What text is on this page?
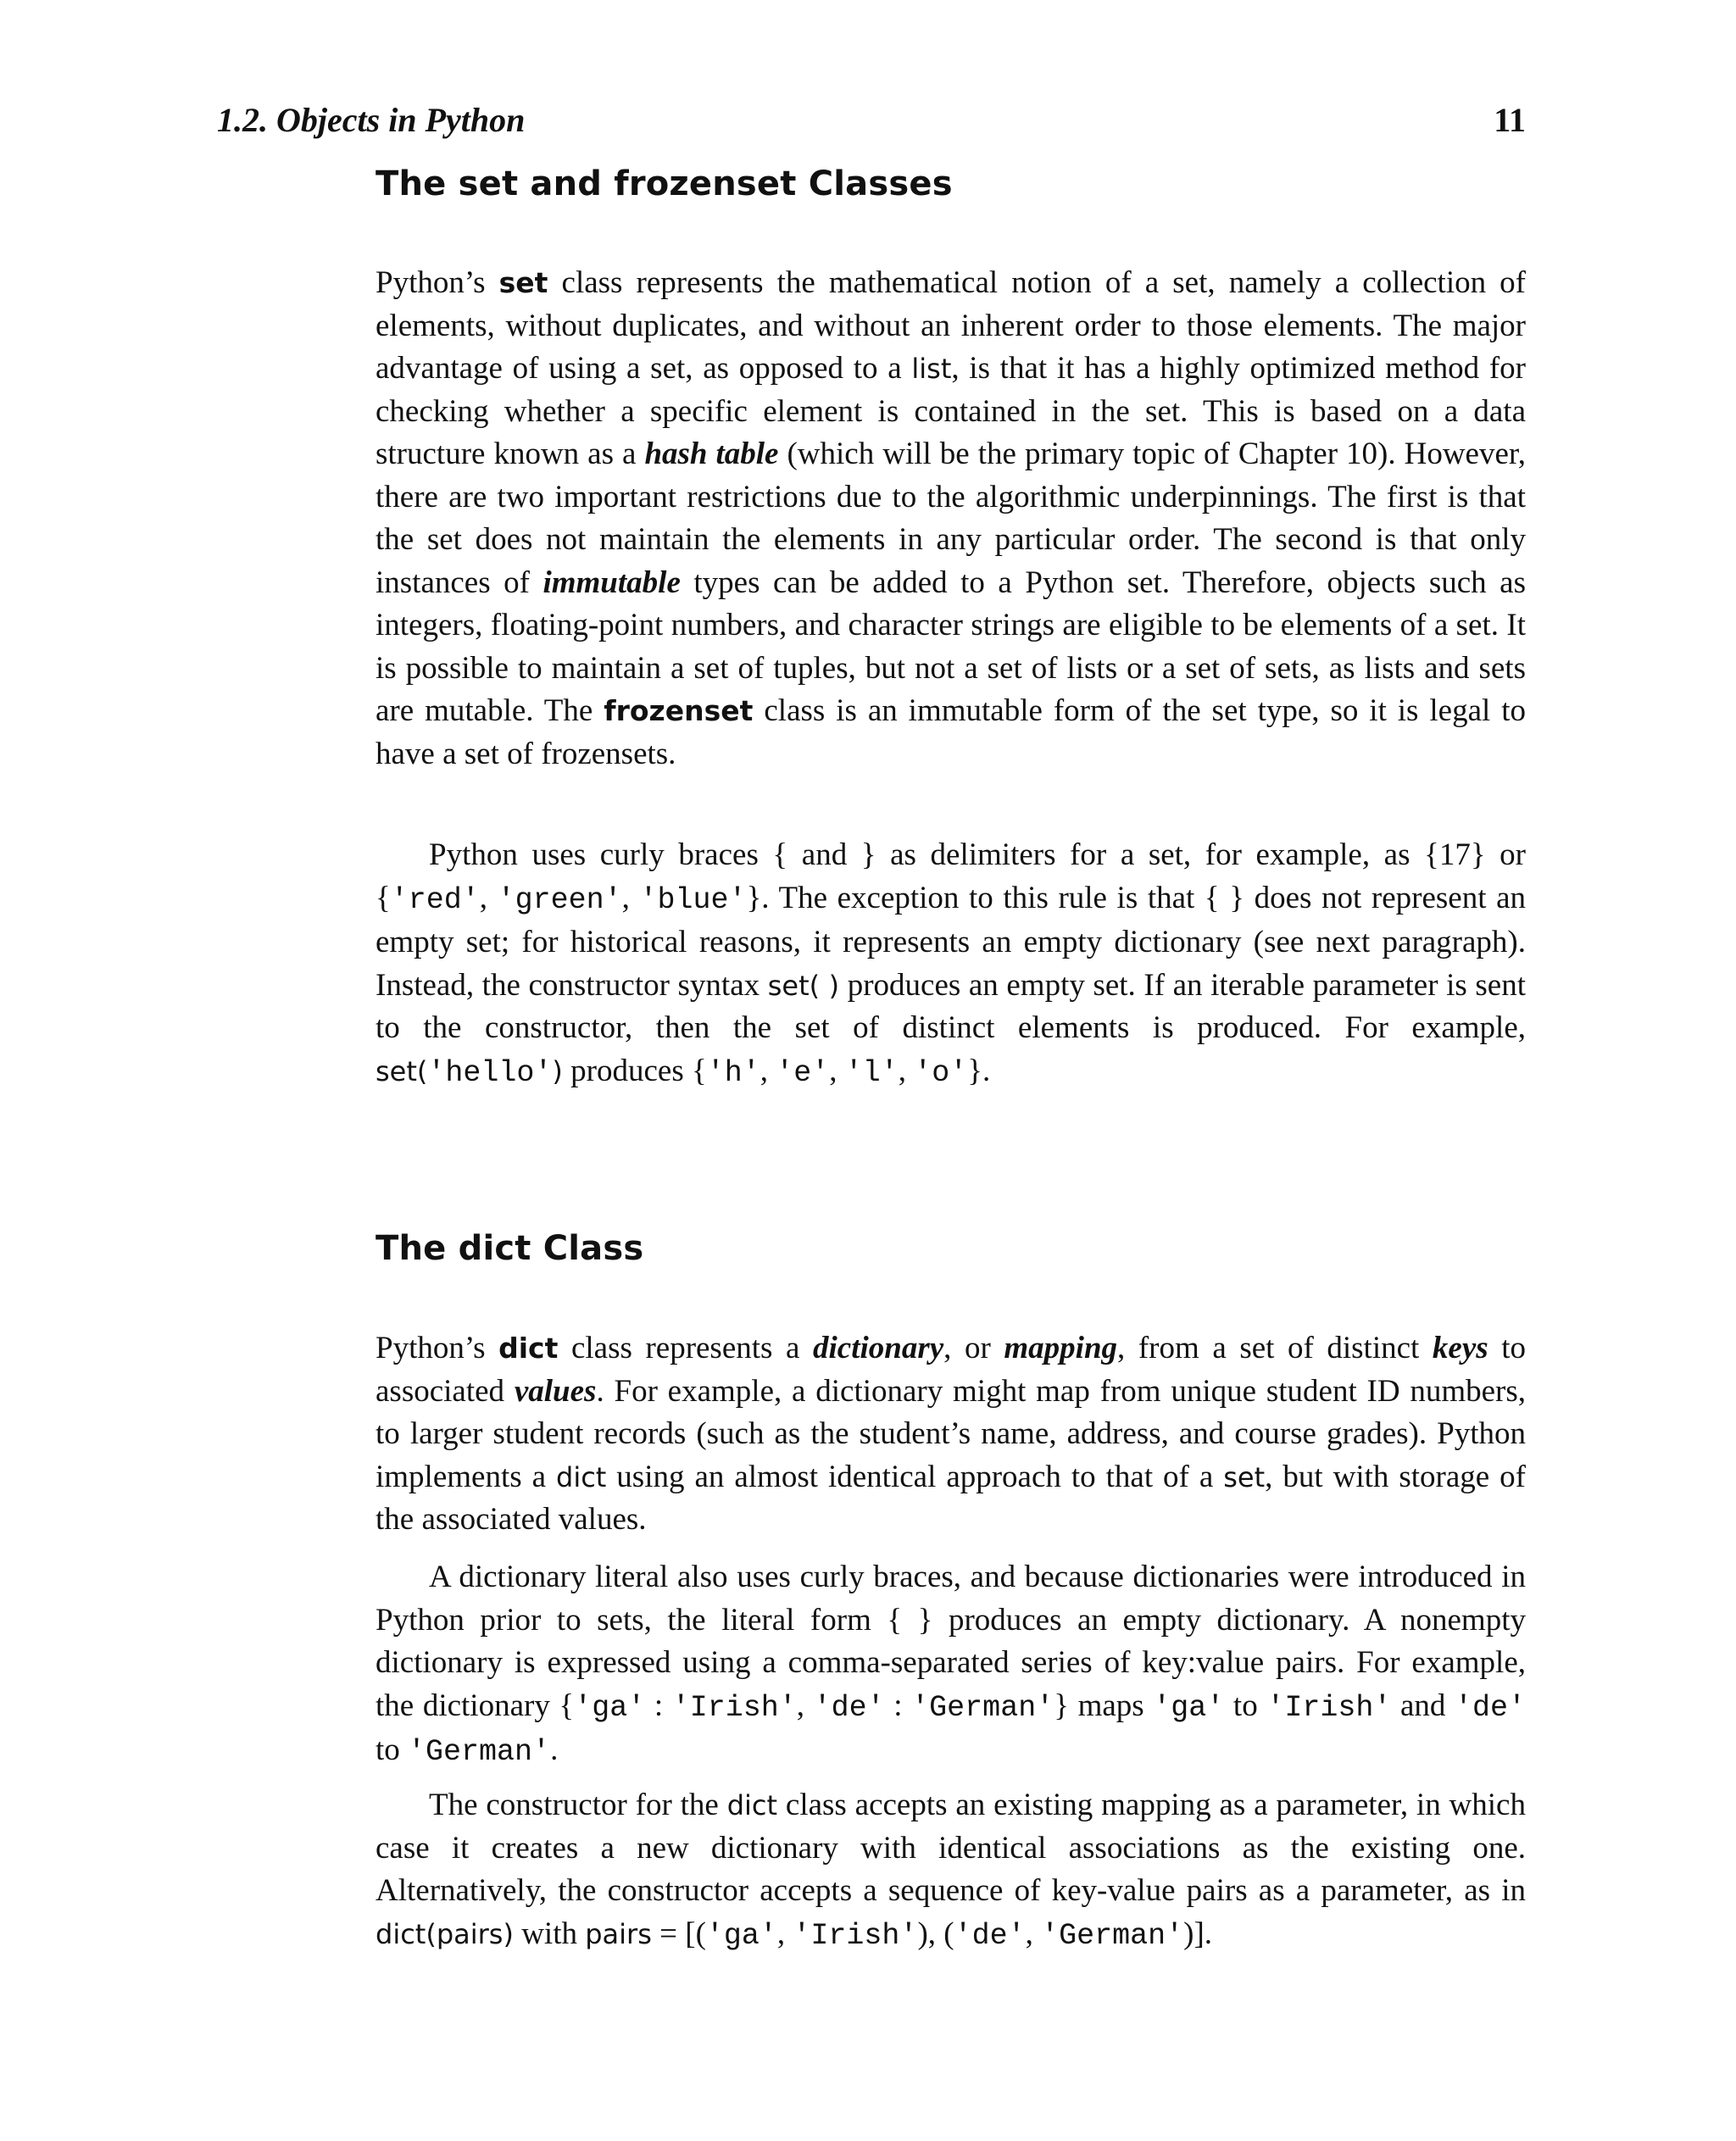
1.2. Objects in Python	11
The set and frozenset Classes

Python’s set class represents the mathematical notion of a set, namely a collection of elements, without duplicates, and without an inherent order to those elements. The major advantage of using a set, as opposed to a list, is that it has a highly optimized method for checking whether a specific element is contained in the set. This is based on a data structure known as a hash table (which will be the primary topic of Chapter 10). However, there are two important restrictions due to the algorithmic underpinnings. The first is that the set does not maintain the elements in any particular order. The second is that only instances of immutable types can be added to a Python set. Therefore, objects such as integers, floating-point numbers, and character strings are eligible to be elements of a set. It is possible to maintain a set of tuples, but not a set of lists or a set of sets, as lists and sets are mutable. The frozenset class is an immutable form of the set type, so it is legal to have a set of frozensets.

Python uses curly braces { and } as delimiters for a set, for example, as {17} or {'red', 'green', 'blue'}. The exception to this rule is that { } does not represent an empty set; for historical reasons, it represents an empty dictionary (see next paragraph). Instead, the constructor syntax set( ) produces an empty set. If an iterable parameter is sent to the constructor, then the set of distinct elements is produced. For example, set('hello') produces {'h', 'e', 'l', 'o'}.

The dict Class

Python’s dict class represents a dictionary, or mapping, from a set of distinct keys to associated values. For example, a dictionary might map from unique student ID numbers, to larger student records (such as the student’s name, address, and course grades). Python implements a dict using an almost identical approach to that of a set, but with storage of the associated values.

A dictionary literal also uses curly braces, and because dictionaries were introduced in Python prior to sets, the literal form { } produces an empty dictionary. A nonempty dictionary is expressed using a comma-separated series of key:value pairs. For example, the dictionary {'ga' : 'Irish', 'de' : 'German'} maps 'ga' to 'Irish' and 'de' to 'German'.

The constructor for the dict class accepts an existing mapping as a parameter, in which case it creates a new dictionary with identical associations as the existing one. Alternatively, the constructor accepts a sequence of key-value pairs as a parameter, as in dict(pairs) with pairs = [('ga', 'Irish'), ('de', 'German')].
